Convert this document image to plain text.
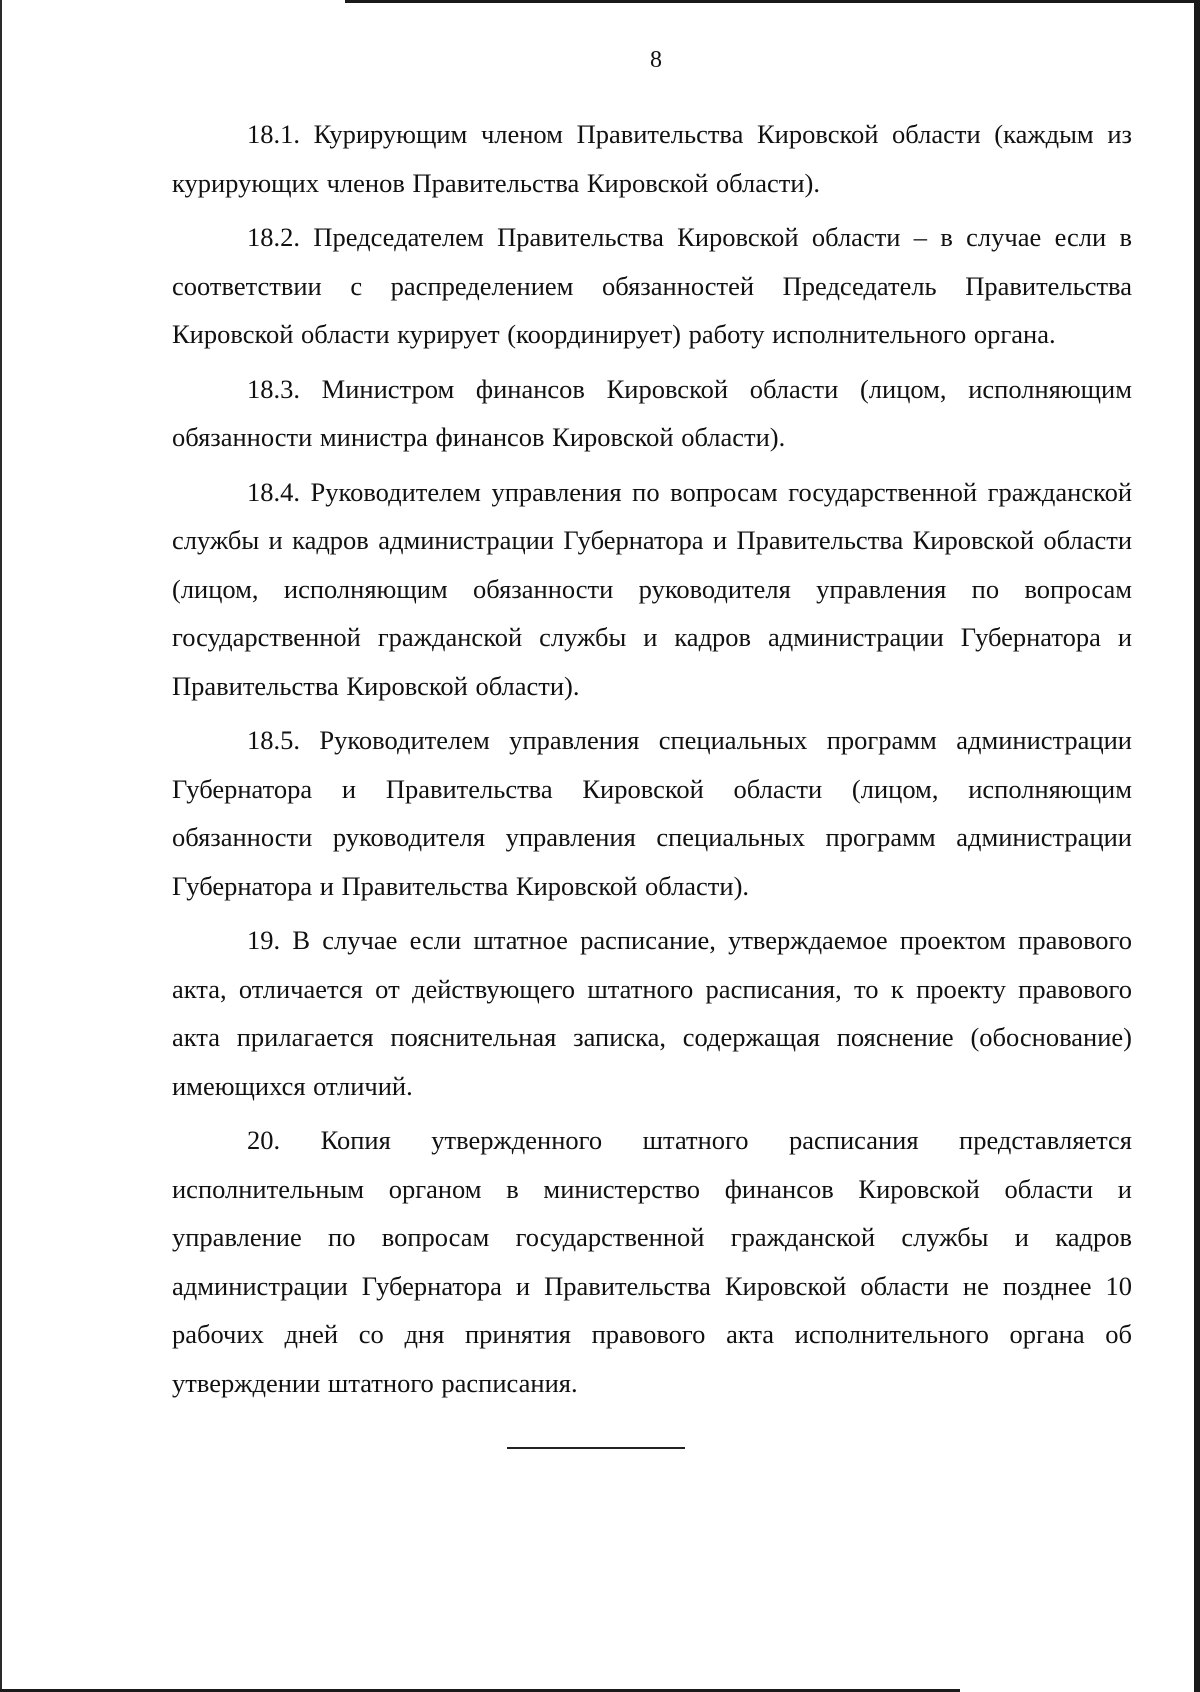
8

18.1. Курирующим членом Правительства Кировской области (каждым из курирующих членов Правительства Кировской области).

18.2. Председателем Правительства Кировской области – в случае если в соответствии с распределением обязанностей Председатель Правительства Кировской области курирует (координирует) работу исполнительного органа.

18.3. Министром финансов Кировской области (лицом, исполняющим обязанности министра финансов Кировской области).

18.4. Руководителем управления по вопросам государственной гражданской службы и кадров администрации Губернатора и Правительства Кировской области (лицом, исполняющим обязанности руководителя управления по вопросам государственной гражданской службы и кадров администрации Губернатора и Правительства Кировской области).

18.5. Руководителем управления специальных программ администрации Губернатора и Правительства Кировской области (лицом, исполняющим обязанности руководителя управления специальных программ администрации Губернатора и Правительства Кировской области).

19. В случае если штатное расписание, утверждаемое проектом правового акта, отличается от действующего штатного расписания, то к проекту правового акта прилагается пояснительная записка, содержащая пояснение (обоснование) имеющихся отличий.

20. Копия утвержденного штатного расписания представляется исполнительным органом в министерство финансов Кировской области и управление по вопросам государственной гражданской службы и кадров администрации Губернатора и Правительства Кировской области не позднее 10 рабочих дней со дня принятия правового акта исполнительного органа об утверждении штатного расписания.
